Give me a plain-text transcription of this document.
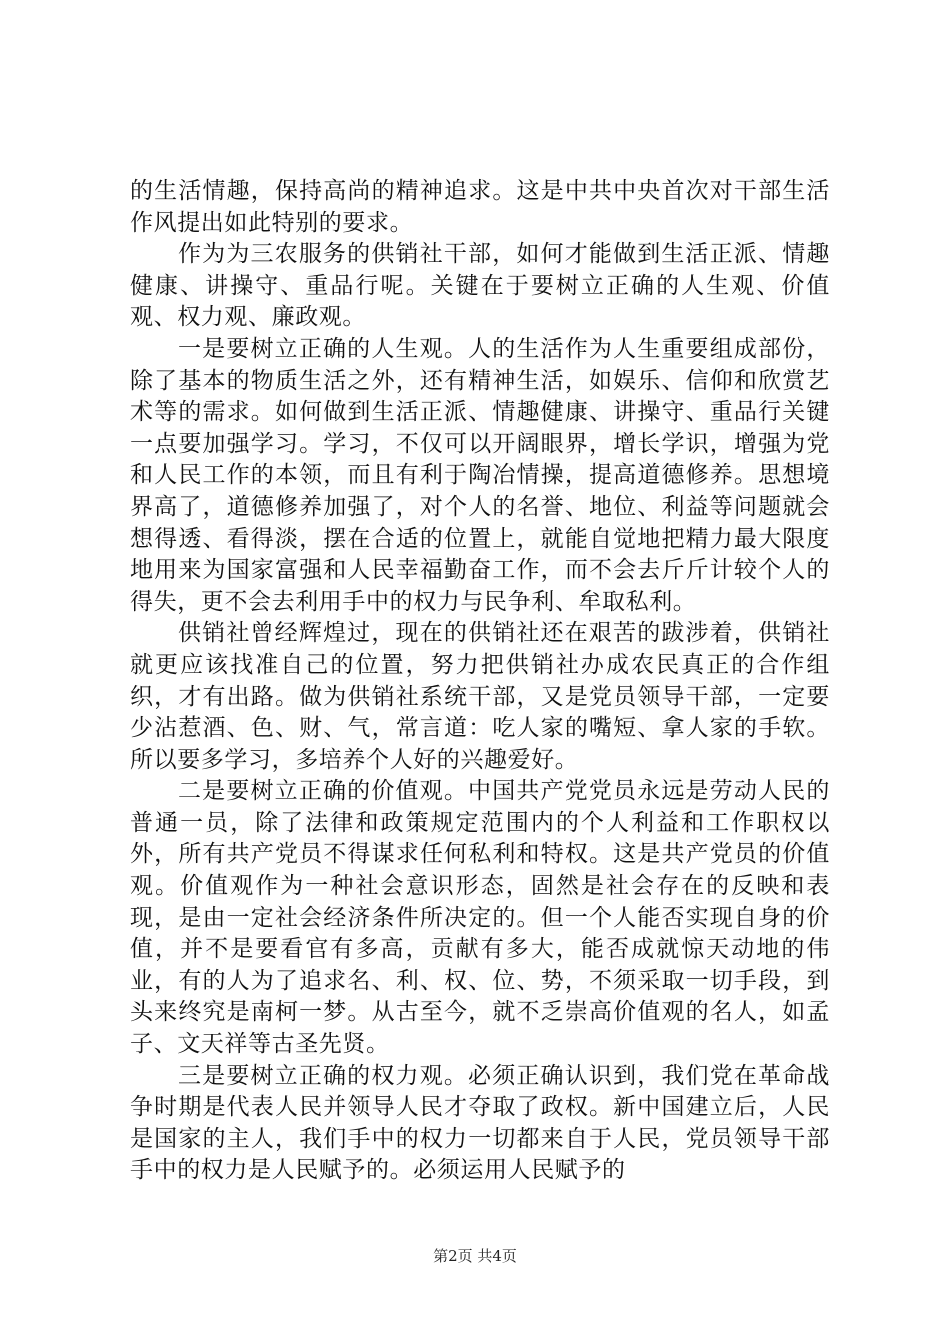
的生活情趣，保持高尚的精神追求。这是中共中央首次对干部生活作风提出如此特别的要求。

作为为三农服务的供销社干部，如何才能做到生活正派、情趣健康、讲操守、重品行呢。关键在于要树立正确的人生观、价值观、权力观、廉政观。

一是要树立正确的人生观。人的生活作为人生重要组成部份，除了基本的物质生活之外，还有精神生活，如娱乐、信仰和欣赏艺术等的需求。如何做到生活正派、情趣健康、讲操守、重品行关键一点要加强学习。学习，不仅可以开阔眼界，增长学识，增强为党和人民工作的本领，而且有利于陶冶情操，提高道德修养。思想境界高了，道德修养加强了，对个人的名誉、地位、利益等问题就会想得透、看得淡，摆在合适的位置上，就能自觉地把精力最大限度地用来为国家富强和人民幸福勤奋工作，而不会去斤斤计较个人的得失，更不会去利用手中的权力与民争利、牟取私利。

供销社曾经辉煌过，现在的供销社还在艰苦的跋涉着，供销社就更应该找准自己的位置，努力把供销社办成农民真正的合作组织，才有出路。做为供销社系统干部，又是党员领导干部，一定要少沾惹酒、色、财、气，常言道：吃人家的嘴短、拿人家的手软。所以要多学习，多培养个人好的兴趣爱好。

二是要树立正确的价值观。中国共产党党员永远是劳动人民的普通一员，除了法律和政策规定范围内的个人利益和工作职权以外，所有共产党员不得谋求任何私利和特权。这是共产党员的价值观。价值观作为一种社会意识形态，固然是社会存在的反映和表现，是由一定社会经济条件所决定的。但一个人能否实现自身的价值，并不是要看官有多高，贡献有多大，能否成就惊天动地的伟业，有的人为了追求名、利、权、位、势，不须采取一切手段，到头来终究是南柯一梦。从古至今，就不乏崇高价值观的名人，如孟子、文天祥等古圣先贤。

三是要树立正确的权力观。必须正确认识到，我们党在革命战争时期是代表人民并领导人民才夺取了政权。新中国建立后，人民是国家的主人，我们手中的权力一切都来自于人民，党员领导干部手中的权力是人民赋予的。必须运用人民赋予的

第2页 共4页
